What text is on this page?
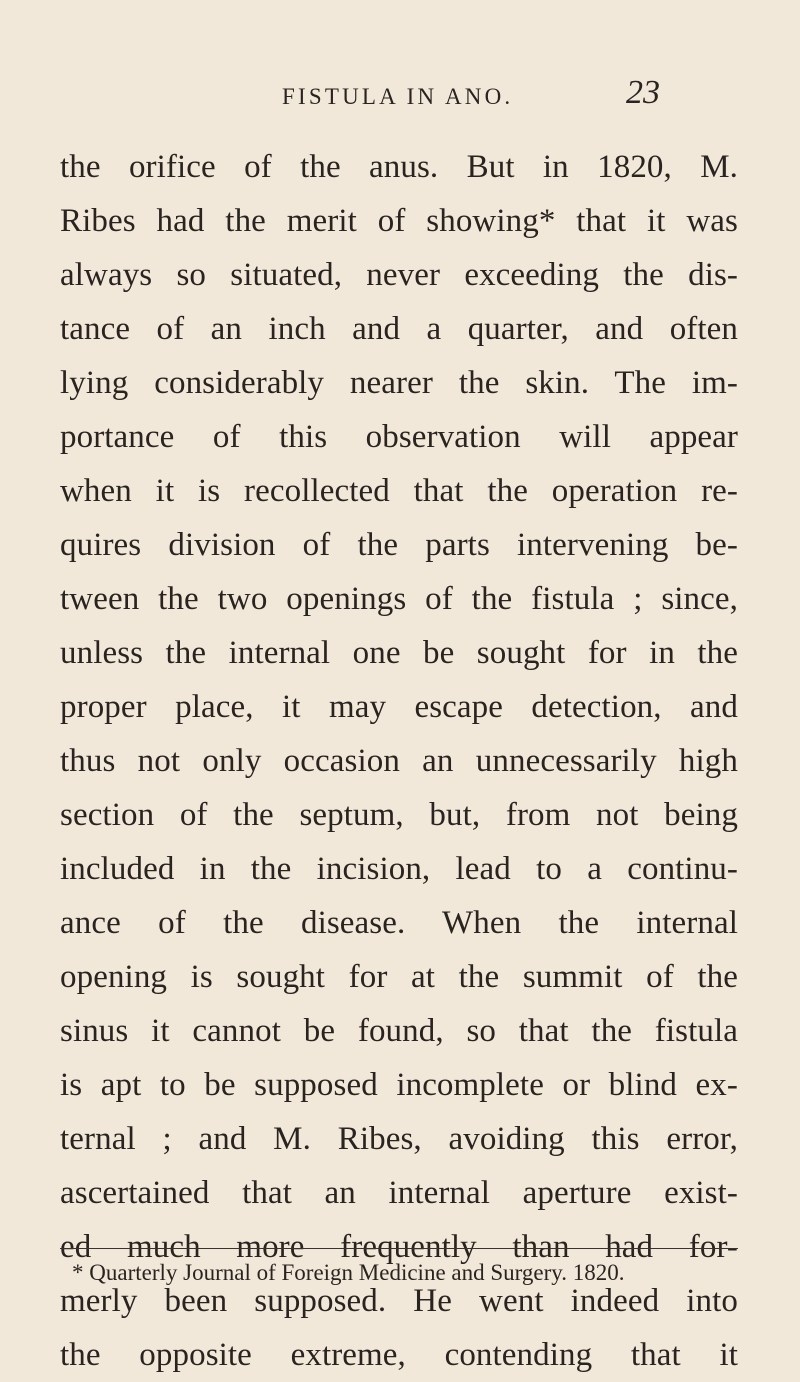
FISTULA IN ANO.	23
the orifice of the anus. But in 1820, M.
Ribes had the merit of showing* that it was
always so situated, never exceeding the dis-
tance of an inch and a quarter, and often
lying considerably nearer the skin. The im-
portance of this observation will appear
when it is recollected that the operation re-
quires division of the parts intervening be-
tween the two openings of the fistula ; since,
unless the internal one be sought for in the
proper place, it may escape detection, and
thus not only occasion an unnecessarily high
section of the septum, but, from not being
included in the incision, lead to a continu-
ance of the disease. When the internal
opening is sought for at the summit of the
sinus it cannot be found, so that the fistula
is apt to be supposed incomplete or blind ex-
ternal ; and M. Ribes, avoiding this error,
ascertained that an internal aperture exist-
ed much more frequently than had for-
merly been supposed. He went indeed into
the opposite extreme, contending that it
* Quarterly Journal of Foreign Medicine and Surgery. 1820.
